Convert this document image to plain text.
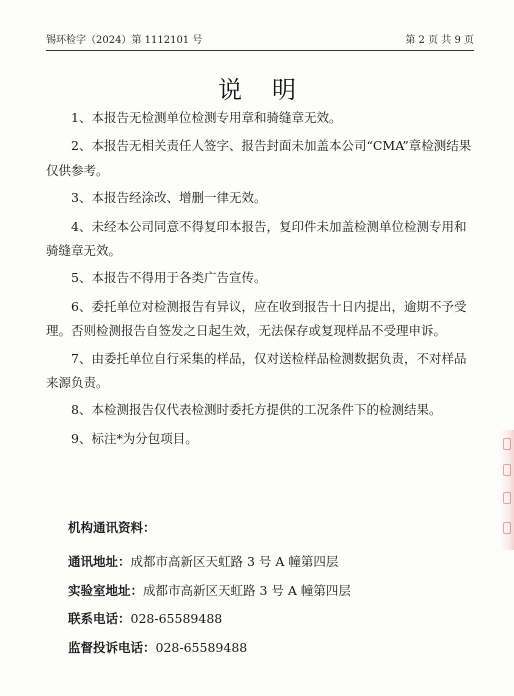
锡环检字（2024）第 1112101 号	第 2 页 共 9 页
说明

1、本报告无检测单位检测专用章和骑缝章无效。

2、本报告无相关责任人签字、报告封面未加盖本公司“CMA”章检测结果仅供参考。

3、本报告经涂改、增删一律无效。

4、未经本公司同意不得复印本报告，复印件未加盖检测单位检测专用和骑缝章无效。

5、本报告不得用于各类广告宣传。

6、委托单位对检测报告有异议，应在收到报告十日内提出，逾期不予受理。否则检测报告自签发之日起生效，无法保存或复现样品不受理申诉。

7、由委托单位自行采集的样品，仅对送检样品检测数据负责，不对样品来源负责。

8、本检测报告仅代表检测时委托方提供的工况条件下的检测结果。

9、标注*为分包项目。

机构通讯资料：
通讯地址：成都市高新区天虹路 3 号 A 幢第四层
实验室地址：成都市高新区天虹路 3 号 A 幢第四层
联系电话：028-65589488
监督投诉电话：028-65589488
